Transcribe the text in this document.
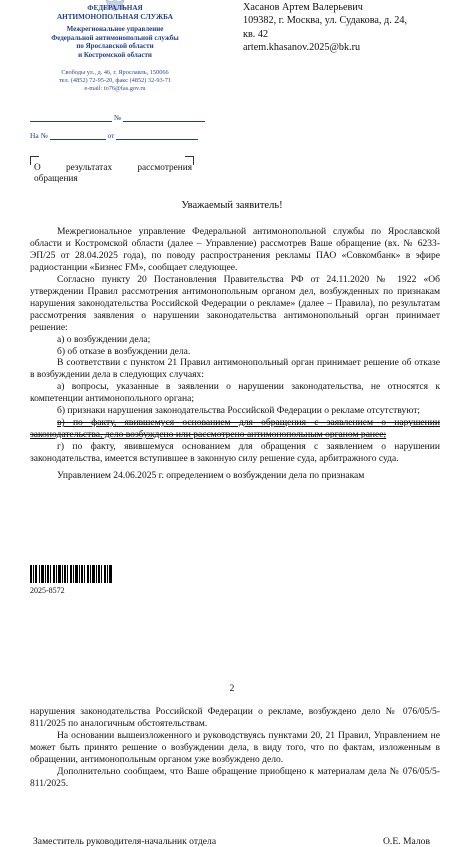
ФЕДЕРАЛЬНАЯ
АНТИМОНОПОЛЬНАЯ СЛУЖБА
Межрегиональное управление
Федеральной антимонопольной службы
по Ярославской области
и Костромской области
Свободы ул., д. 46, г. Ярославль, 150066
тел. (4852) 72-95-20, факс (4852) 32-93-71
e-mail: to76@fas.gov.ru
Хасанов Артем Валерьевич
109382, г. Москва, ул. Судакова, д. 24,
кв. 42
artem.khasanov.2025@bk.ru
№
На №	от
О результатах рассмотрения обращения
Уважаемый заявитель!

Межрегиональное управление Федеральной антимонопольной службы по Ярославской области и Костромской области (далее – Управление) рассмотрев Ваше обращение (вх. № 6233-ЭП/25 от 28.04.2025 года), по поводу распространения рекламы ПАО «Совкомбанк» в эфире радиостанции «Бизнес FM», сообщает следующее.

Согласно пункту 20 Постановления Правительства РФ от 24.11.2020 № 1922 «Об утверждении Правил рассмотрения антимонопольным органом дел, возбужденных по признакам нарушения законодательства Российской Федерации о рекламе» (далее – Правила), по результатам рассмотрения заявления о нарушении законодательства антимонопольный орган принимает решение:

а) о возбуждении дела;

б) об отказе в возбуждении дела.

В соответствии с пунктом 21 Правил антимонопольный орган принимает решение об отказе в возбуждении дела в следующих случаях:

а) вопросы, указанные в заявлении о нарушении законодательства, не относятся к компетенции антимонопольного органа;

б) признаки нарушения законодательства Российской Федерации о рекламе отсутствуют;

в) по факту, явившемуся основанием для обращения с заявлением о нарушении законодательства, дело возбуждено или рассмотрено антимонопольным органом ранее;

г) по факту, явившемуся основанием для обращения с заявлением о нарушении законодательства, имеется вступившее в законную силу решение суда, арбитражного суда.

Управлением 24.06.2025 г. определением о возбуждении дела по признакам

2025-8572
2

нарушения законодательства Российской Федерации о рекламе, возбуждено дело № 076/05/5-811/2025 по аналогичным обстоятельствам.

На основании вышеизложенного и руководствуясь пунктами 20, 21 Правил, Управлением не может быть принято решение о возбуждении дела, в виду того, что по фактам, изложенным в обращении, антимонопольным органом уже возбуждено дело.

Дополнительно сообщаем, что Ваше обращение приобщено к материалам дела № 076/05/5-811/2025.

Заместитель руководителя-начальник отдела	О.Е. Малов
